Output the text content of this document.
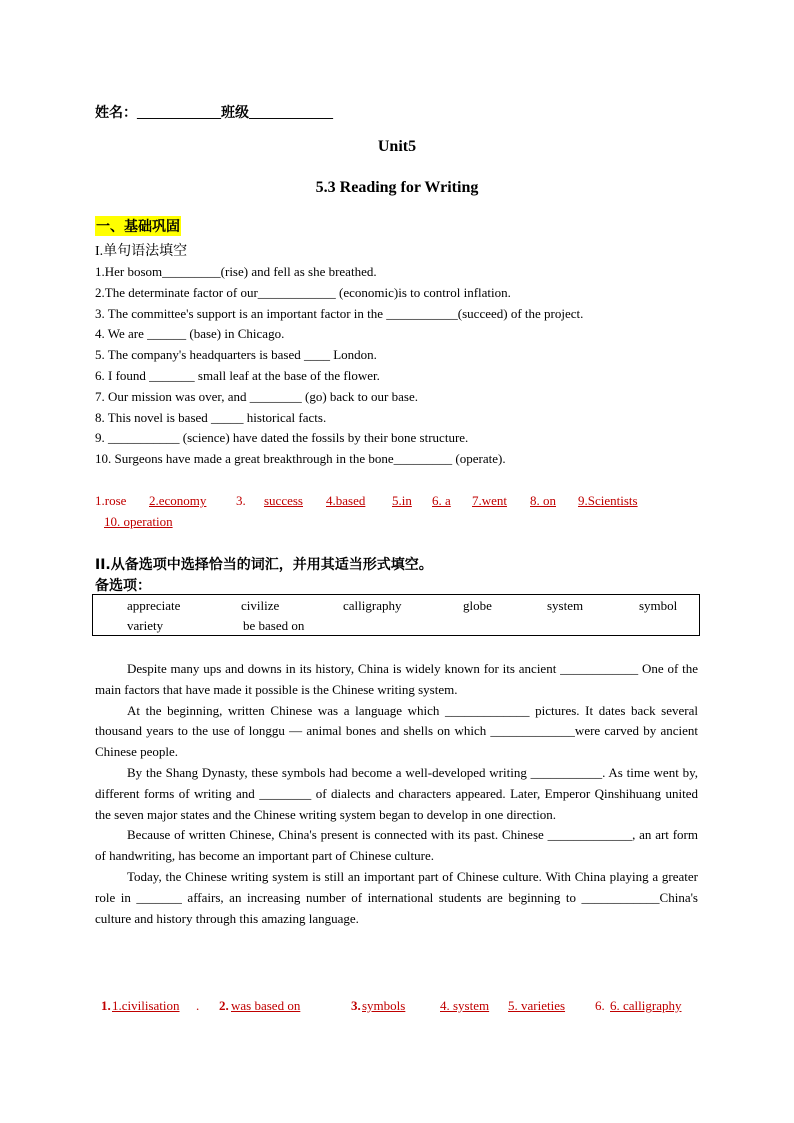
姓名：____________班级____________
Unit5
5.3 Reading for Writing
一、基础巩固
I.单句语法填空
1.Her bosom_________(rise) and fell as she breathed.
2.The determinate factor of our____________ (economic)is to control inflation.
3. The committee's support is an important factor in the ___________(succeed) of the project.
4. We are ______ (base) in Chicago.
5. The company's headquarters is based ____ London.
6. I found _______ small leaf at the base of the flower.
7. Our mission was over, and ________ (go) back to our base.
8. This novel is based _____ historical facts.
9. ___________ (science) have dated the fossils by their bone structure.
10. Surgeons have made a great breakthrough in the bone_________ (operate).
1.rose 2.economy 3. success 4.based 5.in 6. a 7.went 8. on 9.Scientists
10. operation
II.从备选项中选择恰当的词汇，并用其适当形式填空。
备选项：
appreciate	civilize	calligraphy	globe	system	symbol
variety	be based on

Despite many ups and downs in its history, China is widely known for its ancient ____________ One of the main factors that have made it possible is the Chinese writing system.

At the beginning, written Chinese was a language which _____________ pictures. It dates back several thousand years to the use of longgu — animal bones and shells on which _____________were carved by ancient Chinese people.

By the Shang Dynasty, these symbols had become a well-developed writing ___________. As time went by, different forms of writing and ________ of dialects and characters appeared. Later, Emperor Qinshihuang united the seven major states and the Chinese writing system began to develop in one direction.

Because of written Chinese, China's present is connected with its past. Chinese _____________, an art form of handwriting, has become an important part of Chinese culture.

Today, the Chinese writing system is still an important part of Chinese culture. With China playing a greater role in _______ affairs, an increasing number of international students are beginning to ____________China's culture and history through this amazing language.

1. 1.civilisation . 2. was based on	3. symbols	4. system 5. varieties 6. 6. calligraphy
